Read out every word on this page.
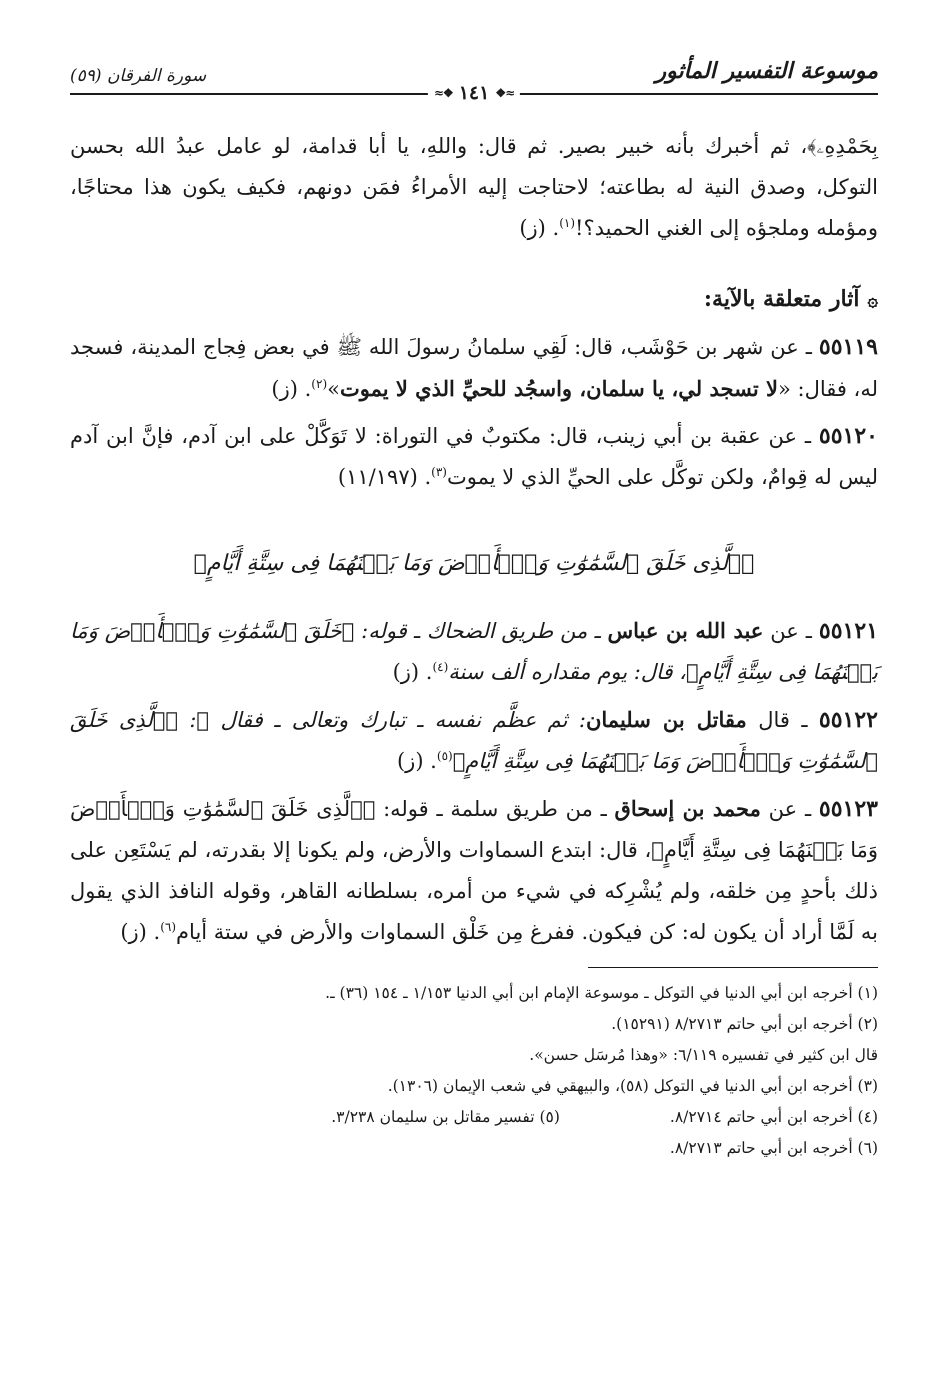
موسوعة التفسير المأثور
≈❖ ١٤١ ❖≈
سورة الفرقان (٥٩)

بِحَمْدِهِۦ﴾، ثم أخبرك بأنه خبير بصير. ثم قال: واللهِ، يا أبا قدامة، لو عامل عبدُ الله بحسن التوكل، وصدق النية له بطاعته؛ لاحتاجت إليه الأمراءُ فمَن دونهم، فكيف يكون هذا محتاجًا، ومؤمله وملجؤه إلى الغني الحميد؟!$^{(١)}$. (ز)

۞آثار متعلقة بالآية:

٥٥١١٩ ـ عن شهر بن حَوْشَب، قال: لَقِي سلمانُ رسولَ الله ﷺ في بعض فِجاج المدينة، فسجد له، فقال: «لا تسجد لي، يا سلمان، واسجُد للحيِّ الذي لا يموت»$^{(٢)}$. (ز)

٥٥١٢٠ ـ عن عقبة بن أبي زينب، قال: مكتوبٌ في التوراة: لا تَوَكَّلْ على ابن آدم، فإنَّ ابن آدم ليس له قِوامٌ، ولكن توكَّل على الحيِّ الذي لا يموت$^{(٣)}$. (١١/١٩٧)

﴿ٱلَّذِى خَلَقَ ٱلسَّمَٰوَٰتِ وَٱلۡأَرۡضَ وَمَا بَيۡنَهُمَا فِى سِتَّةِ أَيَّامٍ﴾

٥٥١٢١ ـ عن عبد الله بن عباس ـ من طريق الضحاك ـ قوله: ﴿خَلَقَ ٱلسَّمَٰوَٰتِ وَٱلۡأَرۡضَ وَمَا بَيۡنَهُمَا فِى سِتَّةِ أَيَّامٍ﴾، قال: يوم مقداره ألف سنة$^{(٤)}$. (ز)

٥٥١٢٢ ـ قال مقاتل بن سليمان: ثم عظَّم نفسه ـ تبارك وتعالى ـ فقال ﷻ: ﴿ٱلَّذِى خَلَقَ ٱلسَّمَٰوَٰتِ وَٱلۡأَرۡضَ وَمَا بَيۡنَهُمَا فِى سِتَّةِ أَيَّامٍ﴾$^{(٥)}$. (ز)

٥٥١٢٣ ـ عن محمد بن إسحاق ـ من طريق سلمة ـ قوله: ﴿ٱلَّذِى خَلَقَ ٱلسَّمَٰوَٰتِ وَٱلۡأَرۡضَ وَمَا بَيۡنَهُمَا فِى سِتَّةِ أَيَّامٍ﴾، قال: ابتدع السماوات والأرض، ولم يكونا إلا بقدرته، لم يَسْتَعِن على ذلك بأحدٍ مِن خلقه، ولم يُشْرِكه في شيء من أمره، بسلطانه القاهر، وقوله النافذ الذي يقول به لَمَّا أراد أن يكون له: كن فيكون. ففرغ مِن خَلْق السماوات والأرض في ستة أيام$^{(٦)}$. (ز)

(١) أخرجه ابن أبي الدنيا في التوكل ـ موسوعة الإمام ابن أبي الدنيا ١/١٥٣ ـ ١٥٤ (٣٦) ـ.

(٢) أخرجه ابن أبي حاتم ٨/٢٧١٣ (١٥٢٩١).

قال ابن كثير في تفسيره ٦/١١٩: «وهذا مُرسَل حسن».

(٣) أخرجه ابن أبي الدنيا في التوكل (٥٨)، والبيهقي في شعب الإيمان (١٣٠٦).

(٤) أخرجه ابن أبي حاتم ٨/٢٧١٤.
(٥) تفسير مقاتل بن سليمان ٣/٢٣٨.

(٦) أخرجه ابن أبي حاتم ٨/٢٧١٣.
